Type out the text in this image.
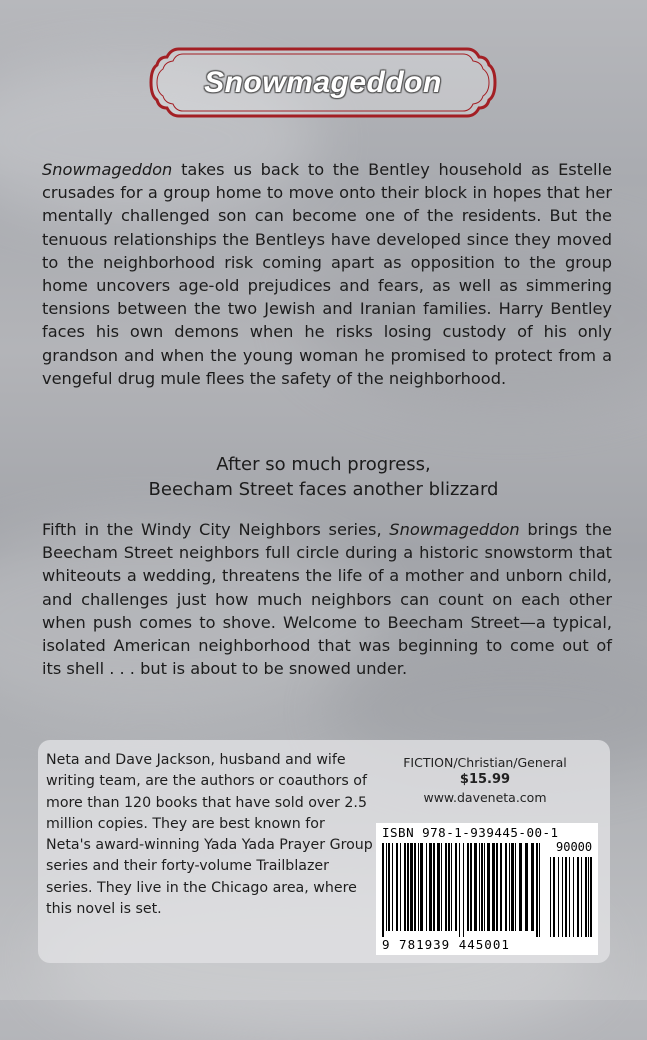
Snowmageddon

Snowmageddon takes us back to the Bentley household as Estelle crusades for a group home to move onto their block in hopes that her mentally challenged son can become one of the residents. But the tenuous relationships the Bentleys have developed since they moved to the neighborhood risk coming apart as opposition to the group home uncovers age-old prejudices and fears, as well as simmering tensions between the two Jewish and Iranian families. Harry Bentley faces his own demons when he risks losing custody of his only grandson and when the young woman he promised to protect from a vengeful drug mule flees the safety of the neighborhood.

After so much progress,
Beecham Street faces another blizzard

Fifth in the Windy City Neighbors series, Snowmageddon brings the Beecham Street neighbors full circle during a historic snowstorm that whiteouts a wedding, threatens the life of a mother and unborn child, and challenges just how much neighbors can count on each other when push comes to shove. Welcome to Beecham Street—a typical, isolated American neighborhood that was beginning to come out of its shell . . . but is about to be snowed under.

Neta and Dave Jackson, husband and wife writing team, are the authors or coauthors of more than 120 books that have sold over 2.5 million copies. They are best known for Neta's award-winning Yada Yada Prayer Group series and their forty-volume Trailblazer series. They live in the Chicago area, where this novel is set.
FICTION/Christian/General
$15.99
www.daveneta.com
ISBN 978-1-939445-00-1
90000
9 781939 445001
